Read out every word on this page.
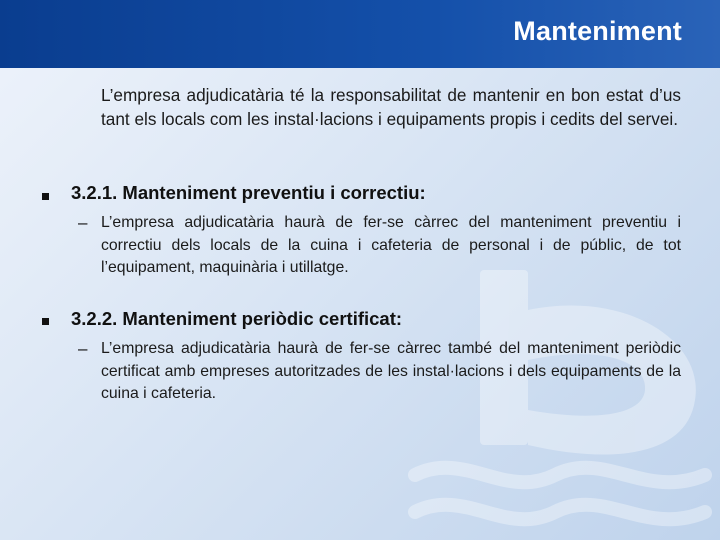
Manteniment
L’empresa adjudicatària té la responsabilitat de mantenir en bon estat d’us tant els locals com les instal·lacions i equipaments propis i cedits del servei.
3.2.1. Manteniment preventiu i correctiu:
– L’empresa adjudicatària haurà de fer-se càrrec del manteniment preventiu i correctiu dels locals de la cuina i cafeteria de personal i de públic, de tot l’equipament, maquinària i utillatge.
3.2.2. Manteniment periòdic certificat:
– L’empresa adjudicatària haurà de fer-se càrrec també del manteniment periòdic certificat amb empreses autoritzades de les instal·lacions i dels equipaments de la cuina i cafeteria.
